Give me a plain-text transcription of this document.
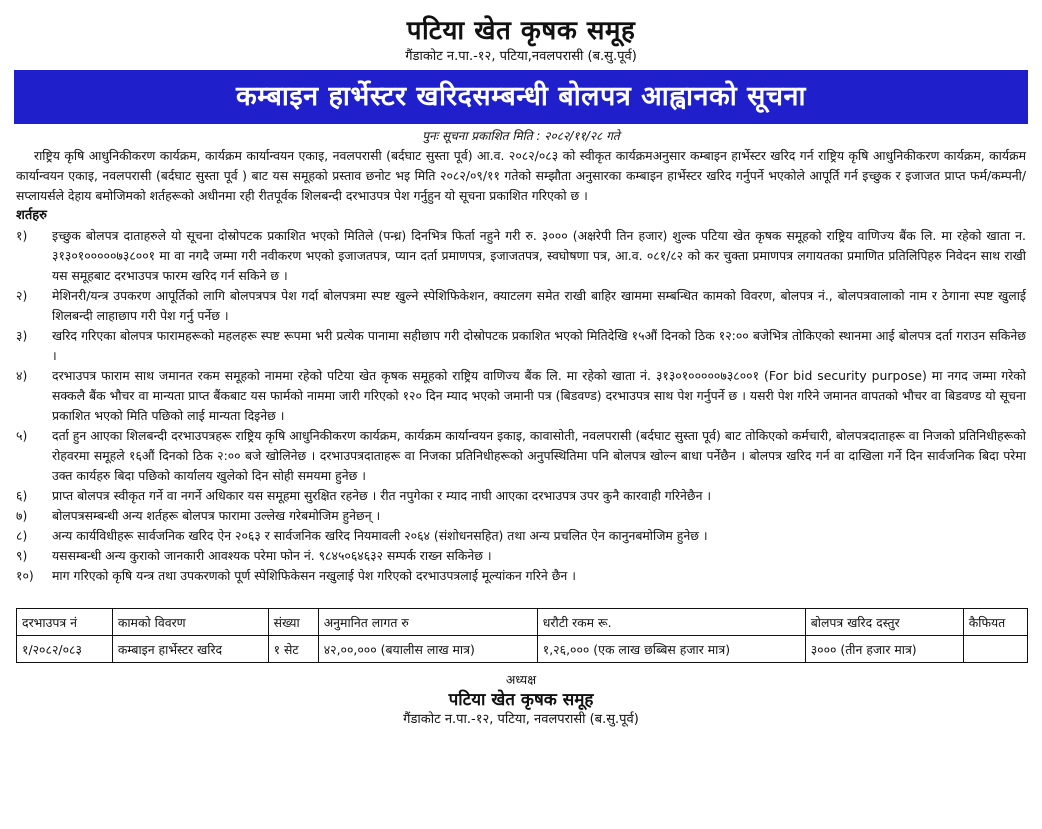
पटिया खेत कृषक समूह
गैंडाकोट न.पा.-१२, पटिया,नवलपरासी (ब.सु.पूर्व)
कम्बाइन हार्भेस्टर खरिदसम्बन्धी बोलपत्र आह्वानको सूचना
पुनः सूचना प्रकाशित मिति : २०८२/११/२८ गते

राष्ट्रिय कृषि आधुनिकीकरण कार्यक्रम, कार्यक्रम कार्यान्वयन एकाइ, नवलपरासी (बर्दघाट सुस्ता पूर्व) आ.व. २०८२/०८३ को स्वीकृत कार्यक्रमअनुसार कम्बाइन हार्भेस्टर खरिद गर्न राष्ट्रिय कृषि आधुनिकीकरण कार्यक्रम, कार्यक्रम कार्यान्वयन एकाइ, नवलपरासी (बर्दघाट सुस्ता पूर्व ) बाट यस समूहको प्रस्ताव छनोट भइ मिति २०८२/०९/११ गतेको सम्झौता अनुसारका कम्बाइन हार्भेस्टर खरिद गर्नुपर्ने भएकोले आपूर्ति गर्न इच्छुक र इजाजत प्राप्त फर्म/कम्पनी/सप्लायर्सले देहाय बमोजिमको शर्तहरूको अधीनमा रही रीतपूर्वक शिलबन्दी दरभाउपत्र पेश गर्नुहुन यो सूचना प्रकाशित गरिएको छ ।

शर्तहरु
१)	इच्छुक बोलपत्र दाताहरुले यो सूचना दोस्रोपटक प्रकाशित भएको मितिले (पन्ध्र) दिनभित्र फिर्ता नहुने गरी रु. ३००० (अक्षरेपी तिन हजार) शुल्क पटिया खेत कृषक समूहको राष्ट्रिय वाणिज्य बैंक लि. मा रहेको खाता न. ३१३०१०००००७३८००१ मा वा नगदै जम्मा गरी नवीकरण भएको इजाजतपत्र, प्यान दर्ता प्रमाणपत्र, इजाजतपत्र, स्वघोषणा पत्र, आ.व. ०८१/८२ को कर चुक्ता प्रमाणपत्र लगायतका प्रमाणित प्रतिलिपिहरु निवेदन साथ राखी यस समूहबाट दरभाउपत्र फारम खरिद गर्न सकिने छ ।
२)	मेशिनरी/यन्त्र उपकरण आपूर्तिको लागि बोलपत्रपत्र पेश गर्दा बोलपत्रमा स्पष्ट खुल्ने स्पेशिफिकेशन, क्याटलग समेत राखी बाहिर खाममा सम्बन्धित कामको विवरण, बोलपत्र नं., बोलपत्रवालाको नाम र ठेगाना स्पष्ट खुलाई शिलबन्दी लाहाछाप गरी पेश गर्नु पर्नेछ ।
३)	खरिद गरिएका बोलपत्र फारामहरूको महलहरू स्पष्ट रूपमा भरी प्रत्येक पानामा सहीछाप गरी दोस्रोपटक प्रकाशित भएको मितिदेखि १५औं दिनको ठिक १२:०० बजेभित्र तोकिएको स्थानमा आई बोलपत्र दर्ता गराउन सकिनेछ ।
४)	दरभाउपत्र फाराम साथ जमानत रकम समूहको नाममा रहेको पटिया खेत कृषक समूहको राष्ट्रिय वाणिज्य बैंक लि. मा रहेको खाता नं. ३१३०१०००००७३८००१ (For bid security purpose) मा नगद जम्मा गरेको सक्कलै बैंक भौचर वा मान्यता प्राप्त बैंकबाट यस फार्मको नाममा जारी गरिएको १२० दिन म्याद भएको जमानी पत्र (बिडवण्ड) दरभाउपत्र साथ पेश गर्नुपर्ने छ । यसरी पेश गरिने जमानत वापतको भौचर वा बिडवण्ड यो सूचना प्रकाशित भएको मिति पछिको लाई मान्यता दिइनेछ ।
५)	दर्ता हुन आएका शिलबन्दी दरभाउपत्रहरू राष्ट्रिय कृषि आधुनिकीकरण कार्यक्रम, कार्यक्रम कार्यान्वयन इकाइ, कावासोती, नवलपरासी (बर्दघाट सुस्ता पूर्व) बाट तोकिएको कर्मचारी, बोलपत्रदाताहरू वा निजको प्रतिनिधीहरूको रोहवरमा समूहले १६औं दिनको ठिक २:०० बजे खोलिनेछ । दरभाउपत्रदाताहरू वा निजका प्रतिनिधीहरूको अनुपस्थितिमा पनि बोलपत्र खोल्न बाधा पर्नेछैन । बोलपत्र खरिद गर्न वा दाखिला गर्ने दिन सार्वजनिक बिदा परेमा उक्त कार्यहरु बिदा पछिको कार्यालय खुलेको दिन सोही समयमा हुनेछ ।
६)	प्राप्त बोलपत्र स्वीकृत गर्ने वा नगर्ने अधिकार यस समूहमा सुरक्षित रहनेछ । रीत नपुगेका र म्याद नाघी आएका दरभाउपत्र उपर कुनै कारवाही गरिनेछैन ।
७)	बोलपत्रसम्बन्धी अन्य शर्तहरू बोलपत्र फारामा उल्लेख गरेबमोजिम हुनेछन् ।
८)	अन्य कार्यविधीहरू सार्वजनिक खरिद ऐन २०६३ र सार्वजनिक खरिद नियमावली २०६४ (संशोधनसहित) तथा अन्य प्रचलित ऐन कानुनबमोजिम हुनेछ ।
९)	यससम्बन्धी अन्य कुराको जानकारी आवश्यक परेमा फोन नं. ९८४५०६४६३२ सम्पर्क राख्न सकिनेछ ।
१०)	माग गरिएको कृषि यन्त्र तथा उपकरणको पूर्ण स्पेशिफिकेसन नखुलाई पेश गरिएको दरभाउपत्रलाई मूल्यांकन गरिने छैन ।
दरभाउपत्र नं	कामको विवरण	संख्या	अनुमानित लागत रु	धरौटी रकम रू.	बोलपत्र खरिद दस्तुर	कैफियत
१/२०८२/०८३	कम्बाइन हार्भेस्टर खरिद	१ सेट	४२,००,००० (बयालीस लाख मात्र)	१,२६,००० (एक लाख छब्बिस हजार मात्र)	३००० (तीन हजार मात्र)	
अध्यक्ष
पटिया खेत कृषक समूह
गैंडाकोट न.पा.-१२, पटिया, नवलपरासी (ब.सु.पूर्व)
